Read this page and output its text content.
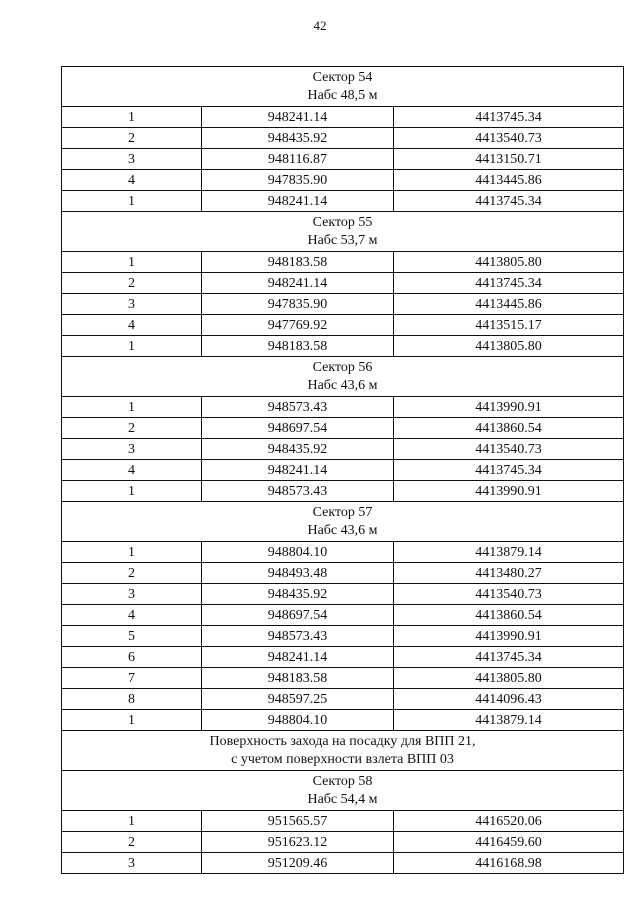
42
Сектор 54
Набс 48,5 м		

1	948241.14	4413745.34
2	948435.92	4413540.73
3	948116.87	4413150.71
4	947835.90	4413445.86
1	948241.14	4413745.34

Сектор 55
Набс 53,7 м		

1	948183.58	4413805.80
2	948241.14	4413745.34
3	947835.90	4413445.86
4	947769.92	4413515.17
1	948183.58	4413805.80

Сектор 56
Набс 43,6 м		

1	948573.43	4413990.91
2	948697.54	4413860.54
3	948435.92	4413540.73
4	948241.14	4413745.34
1	948573.43	4413990.91

Сектор 57
Набс 43,6 м		

1	948804.10	4413879.14
2	948493.48	4413480.27
3	948435.92	4413540.73
4	948697.54	4413860.54
5	948573.43	4413990.91
6	948241.14	4413745.34
7	948183.58	4413805.80
8	948597.25	4414096.43
1	948804.10	4413879.14

Поверхность захода на посадку для ВПП 21,
с учетом поверхности взлета ВПП 03		

Сектор 58
Набс 54,4 м		

1	951565.57	4416520.06
2	951623.12	4416459.60
3	951209.46	4416168.98
